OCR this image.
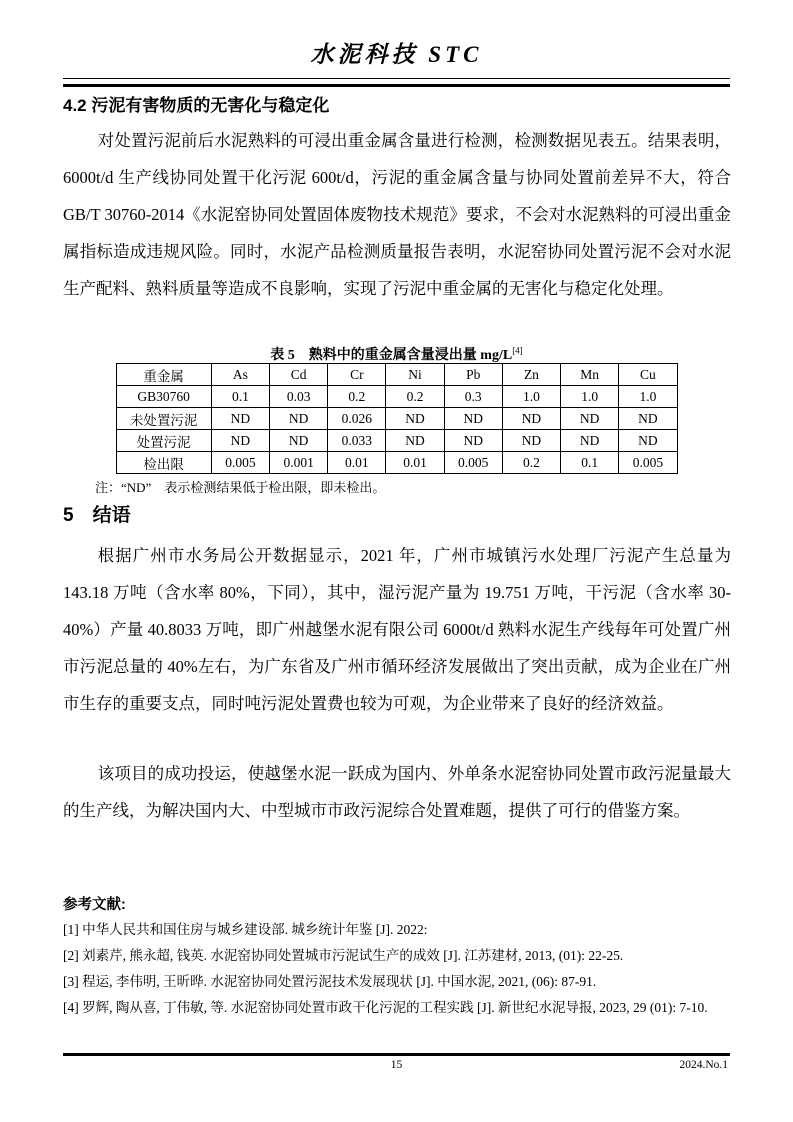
水泥科技 STC
4.2 污泥有害物质的无害化与稳定化
对处置污泥前后水泥熟料的可浸出重金属含量进行检测，检测数据见表五。结果表明，6000t/d 生产线协同处置干化污泥 600t/d，污泥的重金属含量与协同处置前差异不大，符合 GB/T 30760-2014《水泥窑协同处置固体废物技术规范》要求，不会对水泥熟料的可浸出重金属指标造成违规风险。同时，水泥产品检测质量报告表明，水泥窑协同处置污泥不会对水泥生产配料、熟料质量等造成不良影响，实现了污泥中重金属的无害化与稳定化处理。
表 5　熟料中的重金属含量浸出量 mg/L[4]
重金属	As	Cd	Cr	Ni	Pb	Zn	Mn	Cu
GB30760	0.1	0.03	0.2	0.2	0.3	1.0	1.0	1.0
未处置污泥	ND	ND	0.026	ND	ND	ND	ND	ND
处置污泥	ND	ND	0.033	ND	ND	ND	ND	ND
检出限	0.005	0.001	0.01	0.01	0.005	0.2	0.1	0.005
注：“ND”　表示检测结果低于检出限，即未检出。
5　结语
根据广州市水务局公开数据显示，2021 年，广州市城镇污水处理厂污泥产生总量为 143.18 万吨（含水率 80%，下同），其中，湿污泥产量为 19.751 万吨，干污泥（含水率 30-40%）产量 40.8033 万吨，即广州越堡水泥有限公司 6000t/d 熟料水泥生产线每年可处置广州市污泥总量的 40%左右，为广东省及广州市循环经济发展做出了突出贡献，成为企业在广州市生存的重要支点，同时吨污泥处置费也较为可观，为企业带来了良好的经济效益。
该项目的成功投运，使越堡水泥一跃成为国内、外单条水泥窑协同处置市政污泥量最大的生产线，为解决国内大、中型城市市政污泥综合处置难题，提供了可行的借鉴方案。
参考文献:
[1] 中华人民共和国住房与城乡建设部. 城乡统计年鉴 [J]. 2022:
[2] 刘素芹, 熊永超, 钱英. 水泥窑协同处置城市污泥试生产的成效 [J]. 江苏建材, 2013, (01): 22-25.
[3] 程运, 李伟明, 王昕晔. 水泥窑协同处置污泥技术发展现状 [J]. 中国水泥, 2021, (06): 87-91.
[4] 罗辉, 陶从喜, 丁伟敏, 等. 水泥窑协同处置市政干化污泥的工程实践 [J]. 新世纪水泥导报, 2023, 29 (01): 7-10.
15	2024.No.1
